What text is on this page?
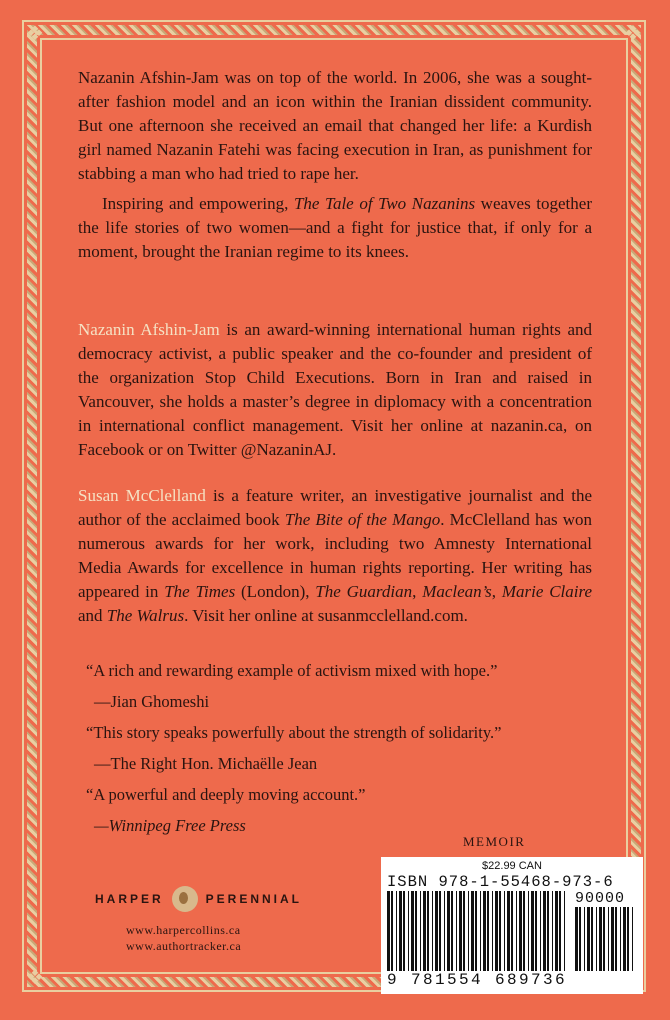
❖	❖
❖

Nazanin Afshin-Jam was on top of the world. In 2006, she was a sought-after fashion model and an icon within the Iranian dissident community. But one afternoon she received an email that changed her life: a Kurdish girl named Nazanin Fatehi was facing execution in Iran, as punishment for stabbing a man who had tried to rape her.

Inspiring and empowering, The Tale of Two Nazanins weaves together the life stories of two women—and a fight for justice that, if only for a moment, brought the Iranian regime to its knees.

Nazanin Afshin-Jam is an award-winning international human rights and democracy activist, a public speaker and the co-founder and president of the organization Stop Child Executions. Born in Iran and raised in Vancouver, she holds a master’s degree in diplomacy with a concentration in international conflict management. Visit her online at nazanin.ca, on Facebook or on Twitter @NazaninAJ.

Susan McClelland is a feature writer, an investigative journalist and the author of the acclaimed book The Bite of the Mango. McClelland has won numerous awards for her work, including two Amnesty International Media Awards for excellence in human rights reporting. Her writing has appeared in The Times (London), The Guardian, Maclean’s, Marie Claire and The Walrus. Visit her online at susanmcclelland.com.

“A rich and rewarding example of activism mixed with hope.”

—Jian Ghomeshi

“This story speaks powerfully about the strength of solidarity.”

—The Right Hon. Michaëlle Jean

“A powerful and deeply moving account.”

—Winnipeg Free Press

MEMOIR
HARPER	PERENNIAL
www.harpercollins.ca
www.authortracker.ca
$22.99 CAN
ISBN 978-1-55468-973-6
90000
9 781554 689736
